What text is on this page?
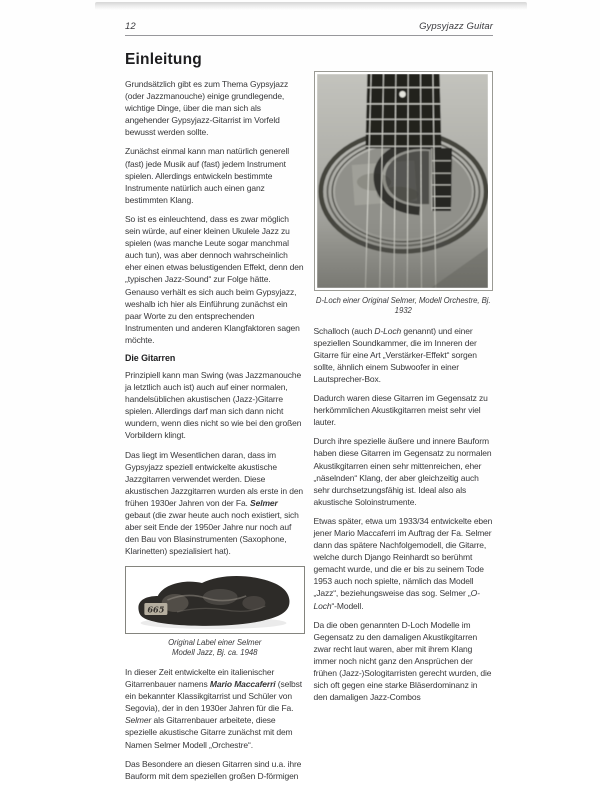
12	Gypsyjazz Guitar
Einleitung

Grundsätzlich gibt es zum Thema Gypsyjazz (oder Jazzmanouche) einige grundlegende, wichtige Dinge, über die man sich als angehender Gypsyjazz-Gitarrist im Vorfeld bewusst werden sollte.

Zunächst einmal kann man natürlich generell (fast) jede Musik auf (fast) jedem Instrument spielen. Allerdings entwickeln bestimmte Instrumente natürlich auch einen ganz bestimmten Klang.

So ist es einleuchtend, dass es zwar möglich sein würde, auf einer kleinen Ukulele Jazz zu spielen (was manche Leute sogar manchmal auch tun), was aber dennoch wahrscheinlich eher einen etwas belustigenden Effekt, denn den „typischen Jazz-Sound“ zur Folge hätte. Genauso verhält es sich auch beim Gypsyjazz, weshalb ich hier als Einführung zunächst ein paar Worte zu den entsprechenden Instrumenten und anderen Klangfaktoren sagen möchte.

Die Gitarren

Prinzipiell kann man Swing (was Jazzmanouche ja letztlich auch ist) auch auf einer normalen, handelsüblichen akustischen (Jazz-)Gitarre spielen. Allerdings darf man sich dann nicht wundern, wenn dies nicht so wie bei den großen Vorbildern klingt.

Das liegt im Wesentlichen daran, dass im Gypsyjazz speziell entwickelte akustische Jazzgitarren verwendet werden. Diese akustischen Jazzgitarren wurden als erste in den frühen 1930er Jahren von der Fa. Selmer gebaut (die zwar heute auch noch existiert, sich aber seit Ende der 1950er Jahre nur noch auf den Bau von Blasinstrumenten (Saxophone, Klarinetten) spezialisiert hat).

665
Original Label einer Selmer
Modell Jazz, Bj. ca. 1948

In dieser Zeit entwickelte ein italienischer Gitarrenbauer namens Mario Maccaferri (selbst ein bekannter Klassikgitarrist und Schüler von Segovia), der in den 1930er Jahren für die Fa. Selmer als Gitarrenbauer arbeitete, diese spezielle akustische Gitarre zunächst mit dem Namen Selmer Modell „Orchestre“.

Das Besondere an diesen Gitarren sind u.a. ihre Bauform mit dem speziellen großen D-förmigen

D-Loch einer Original Selmer, Modell Orchestre, Bj. 1932

Schalloch (auch D-Loch genannt) und einer speziellen Soundkammer, die im Inneren der Gitarre für eine Art „Verstärker-Effekt“ sorgen sollte, ähnlich einem Subwoofer in einer Lautsprecher-Box.

Dadurch waren diese Gitarren im Gegensatz zu herkömmlichen Akustikgitarren meist sehr viel lauter.

Durch ihre spezielle äußere und innere Bauform haben diese Gitarren im Gegensatz zu normalen Akustikgitarren einen sehr mittenreichen, eher „näselnden“ Klang, der aber gleichzeitig auch sehr durchsetzungsfähig ist. Ideal also als akustische Soloinstrumente.

Etwas später, etwa um 1933/34 entwickelte eben jener Mario Maccaferri im Auftrag der Fa. Selmer dann das spätere Nachfolgemodell, die Gitarre, welche durch Django Reinhardt so berühmt gemacht wurde, und die er bis zu seinem Tode 1953 auch noch spielte, nämlich das Modell „Jazz“, beziehungsweise das sog. Selmer „O-Loch“-Modell.

Da die oben genannten D-Loch Modelle im Gegensatz zu den damaligen Akustikgitarren zwar recht laut waren, aber mit ihrem Klang immer noch nicht ganz den Ansprüchen der frühen (Jazz-)Sologitarristen gerecht wurden, die sich oft gegen eine starke Bläserdominanz in den damaligen Jazz-Combos
